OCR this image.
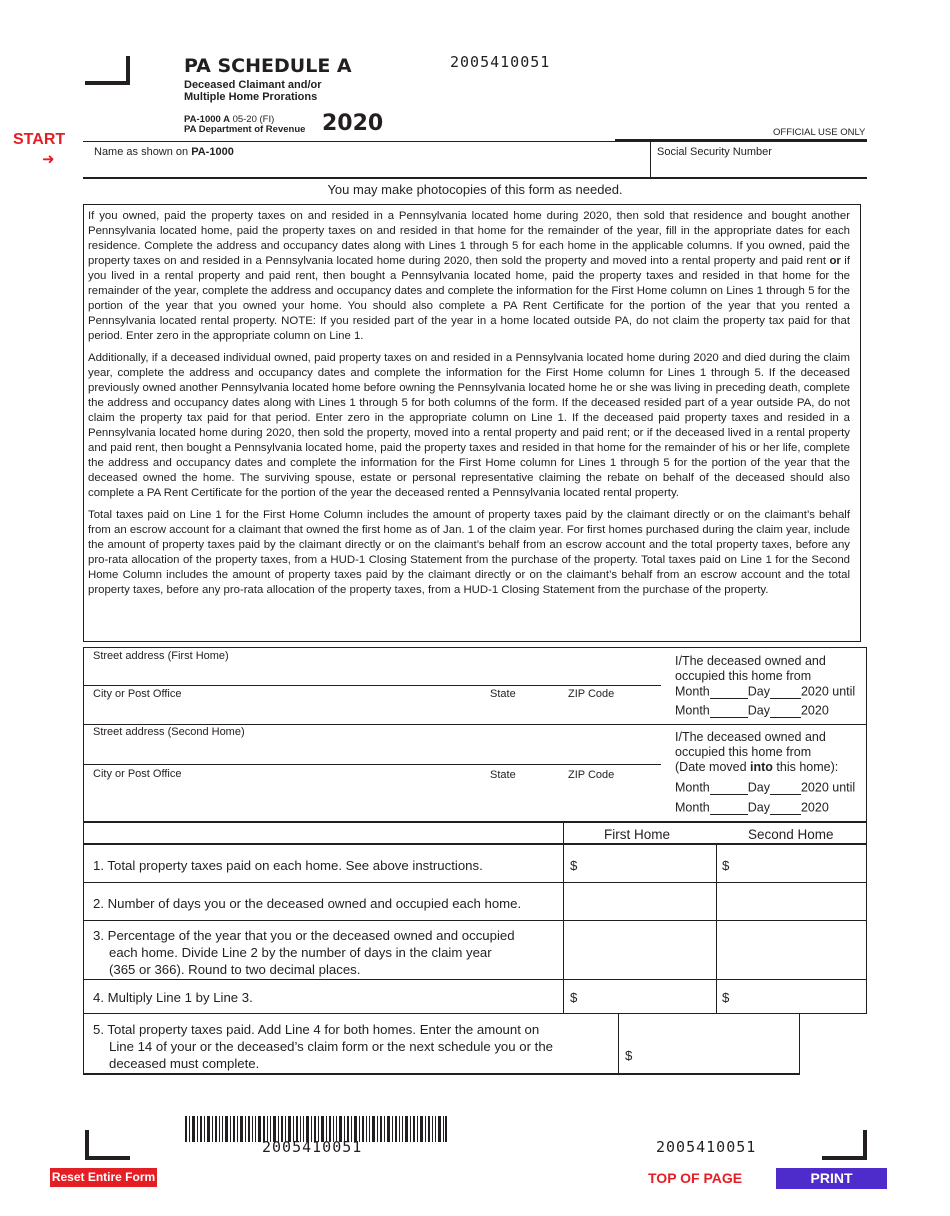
PA SCHEDULE A	2005410051
Deceased Claimant and/or
Multiple Home Prorations
PA-1000 A 05-20 (FI)
PA Department of Revenue 2020
START
➜
OFFICIAL USE ONLY
Name as shown on PA-1000	Social Security Number
You may make photocopies of this form as needed.

If you owned, paid the property taxes on and resided in a Pennsylvania located home during 2020, then sold that residence and bought another Pennsylvania located home, paid the property taxes on and resided in that home for the remainder of the year, fill in the appropriate dates for each residence. Complete the address and occupancy dates along with Lines 1 through 5 for each home in the applicable columns. If you owned, paid the property taxes on and resided in a Pennsylvania located home during 2020, then sold the property and moved into a rental property and paid rent or if you lived in a rental property and paid rent, then bought a Pennsylvania located home, paid the property taxes and resided in that home for the remainder of the year, complete the address and occupancy dates and complete the information for the First Home column on Lines 1 through 5 for the portion of the year that you owned your home. You should also complete a PA Rent Certificate for the portion of the year that you rented a Pennsylvania located rental property. NOTE: If you resided part of the year in a home located outside PA, do not claim the property tax paid for that period. Enter zero in the appropriate column on Line 1.

Additionally, if a deceased individual owned, paid property taxes on and resided in a Pennsylvania located home during 2020 and died during the claim year, complete the address and occupancy dates and complete the information for the First Home column for Lines 1 through 5. If the deceased previously owned another Pennsylvania located home before owning the Pennsylvania located home he or she was living in preceding death, complete the address and occupancy dates along with Lines 1 through 5 for both columns of the form. If the deceased resided part of a year outside PA, do not claim the property tax paid for that period. Enter zero in the appropriate column on Line 1. If the deceased paid property taxes and resided in a Pennsylvania located home during 2020, then sold the property, moved into a rental property and paid rent; or if the deceased lived in a rental property and paid rent, then bought a Pennsylvania located home, paid the property taxes and resided in that home for the remainder of his or her life, complete the address and occupancy dates and complete the information for the First Home column for Lines 1 through 5 for the portion of the year that the deceased owned the home. The surviving spouse, estate or personal representative claiming the rebate on behalf of the deceased should also complete a PA Rent Certificate for the portion of the year the deceased rented a Pennsylvania located rental property.

Total taxes paid on Line 1 for the First Home Column includes the amount of property taxes paid by the claimant directly or on the claimant’s behalf from an escrow account for a claimant that owned the first home as of Jan. 1 of the claim year. For first homes purchased during the claim year, include the amount of property taxes paid by the claimant directly or on the claimant’s behalf from an escrow account and the total property taxes, before any pro-rata allocation of the property taxes, from a HUD-1 Closing Statement from the purchase of the property. Total taxes paid on Line 1 for the Second Home Column includes the amount of property taxes paid by the claimant directly or on the claimant’s behalf from an escrow account and the total property taxes, before any pro-rata allocation of the property taxes, from a HUD-1 Closing Statement from the purchase of the property.

Street address (First Home)
City or Post Office	State	ZIP Code
I/The deceased owned and
occupied this home from
Month	Day 2020 until
Month	Day 2020
Street address (Second Home)
City or Post Office	State	ZIP Code
I/The deceased owned and
occupied this home from
(Date moved into this home):
Month	Day 2020 until
Month	Day 2020
First Home	Second Home
1. Total property taxes paid on each home. See above instructions.	$	$
2. Number of days you or the deceased owned and occupied each home.
3. Percentage of the year that you or the deceased owned and occupied
each home. Divide Line 2 by the number of days in the claim year
(365 or 366). Round to two decimal places.
4. Multiply Line 1 by Line 3.	$	$
5. Total property taxes paid. Add Line 4 for both homes. Enter the amount on
Line 14 of your or the deceased’s claim form or the next schedule you or the
deceased must complete.
$
2005410051	2005410051
Reset Entire Form	TOP OF PAGE	PRINT
